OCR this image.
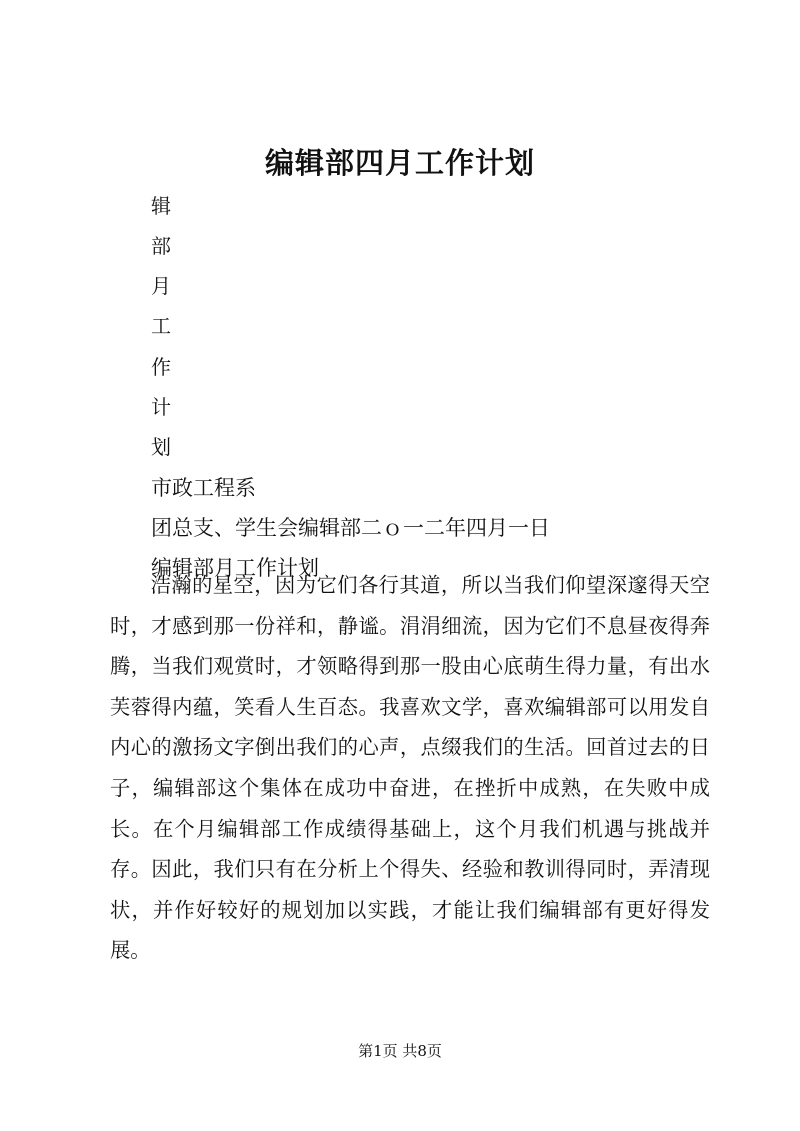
编辑部四月工作计划
辑
部
月
工
作
计
划
市政工程系
团总支、学生会编辑部二ｏ一二年四月一日
编辑部月工作计划

浩瀚的星空，因为它们各行其道，所以当我们仰望深邃得天空时，才感到那一份祥和，静谧。涓涓细流，因为它们不息昼夜得奔腾，当我们观赏时，才领略得到那一股由心底萌生得力量，有出水芙蓉得内蕴，笑看人生百态。我喜欢文学，喜欢编辑部可以用发自内心的激扬文字倒出我们的心声，点缀我们的生活。回首过去的日子，编辑部这个集体在成功中奋进，在挫折中成熟，在失败中成长。在个月编辑部工作成绩得基础上，这个月我们机遇与挑战并存。因此，我们只有在分析上个得失、经验和教训得同时，弄清现状，并作好较好的规划加以实践，才能让我们编辑部有更好得发展。

第1页 共8页
